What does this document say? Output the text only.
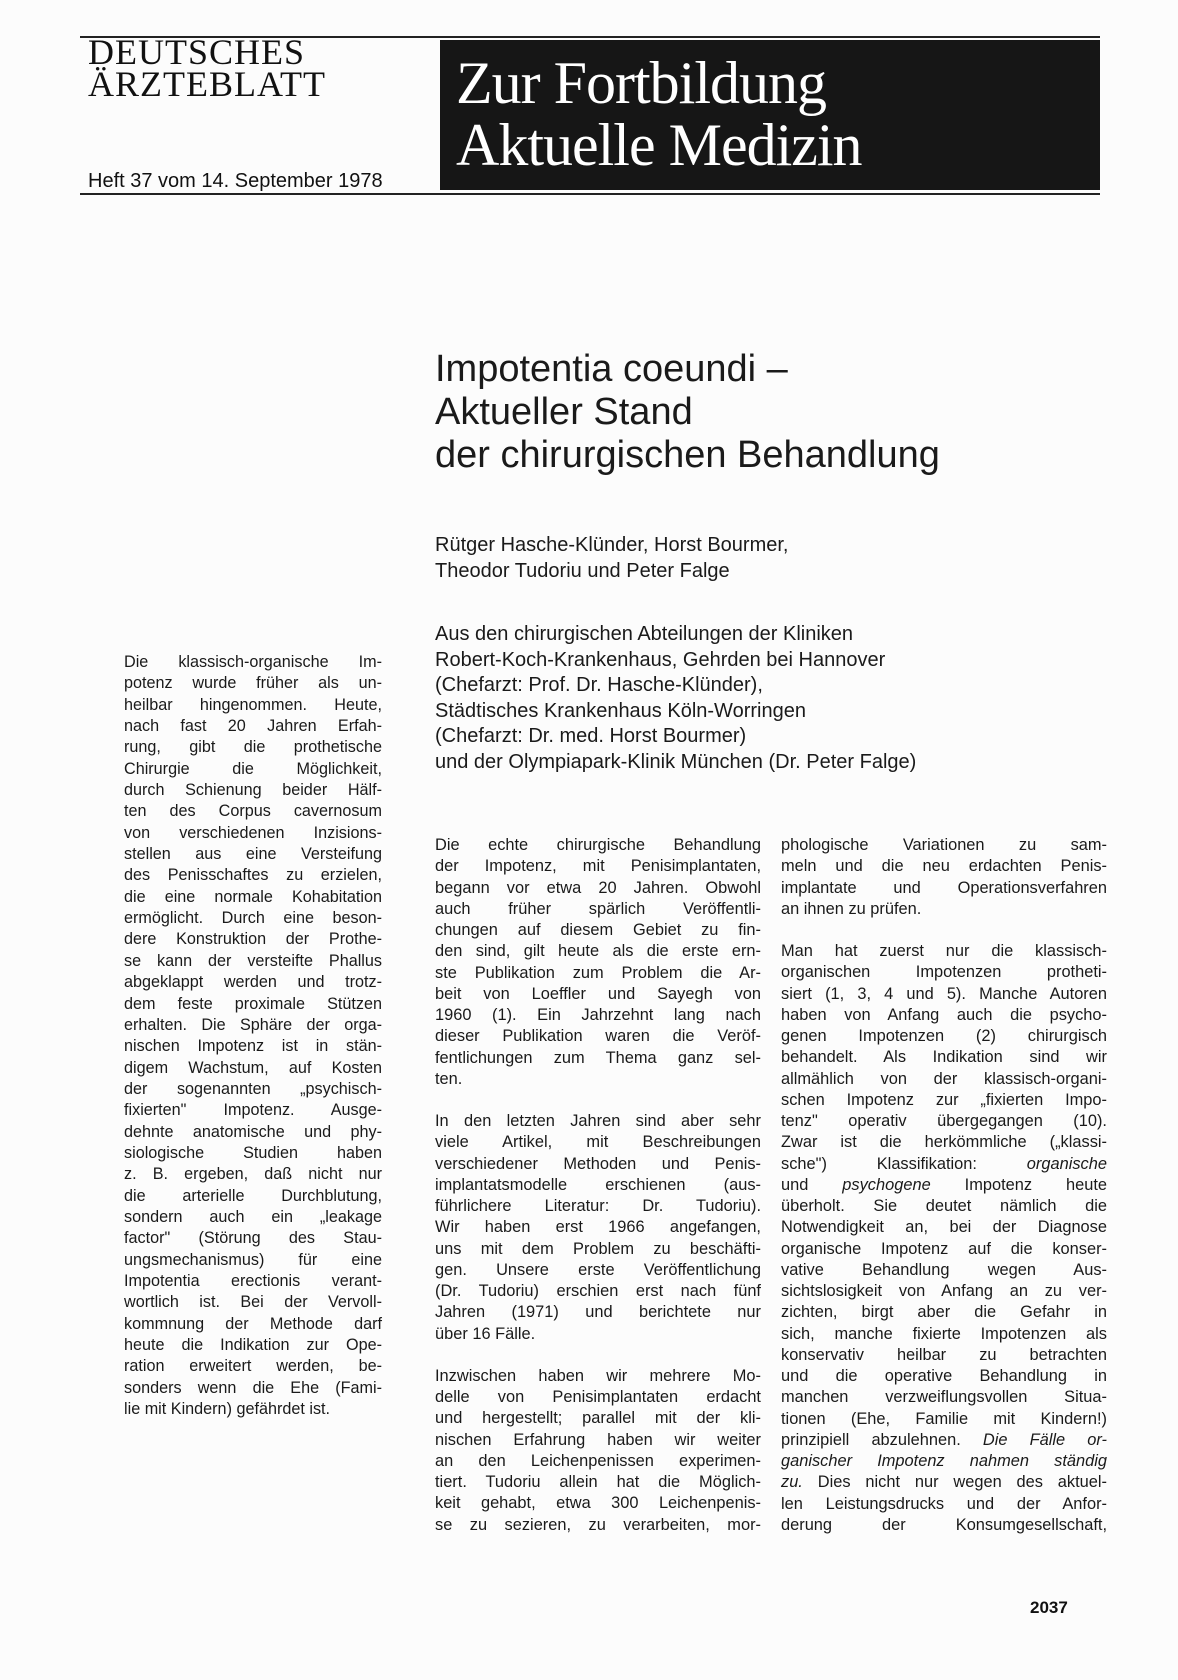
DEUTSCHES
ÄRZTEBLATT
Heft 37 vom 14. September 1978
Zur Fortbildung
Aktuelle Medizin
Impotentia coeundi –
Aktueller Stand
der chirurgischen Behandlung
Rütger Hasche-Klünder, Horst Bourmer,
Theodor Tudoriu und Peter Falge
Aus den chirurgischen Abteilungen der Kliniken
Robert-Koch-Krankenhaus, Gehrden bei Hannover
(Chefarzt: Prof. Dr. Hasche-Klünder),
Städtisches Krankenhaus Köln-Worringen
(Chefarzt: Dr. med. Horst Bourmer)
und der Olympiapark-Klinik München (Dr. Peter Falge)
Die klassisch-organische Im-
potenz wurde früher als un-
heilbar hingenommen. Heute,
nach fast 20 Jahren Erfah-
rung, gibt die prothetische
Chirurgie die Möglichkeit,
durch Schienung beider Hälf-
ten des Corpus cavernosum
von verschiedenen Inzisions-
stellen aus eine Versteifung
des Penisschaftes zu erzielen,
die eine normale Kohabitation
ermöglicht. Durch eine beson-
dere Konstruktion der Prothe-
se kann der versteifte Phallus
abgeklappt werden und trotz-
dem feste proximale Stützen
erhalten. Die Sphäre der orga-
nischen Impotenz ist in stän-
digem Wachstum, auf Kosten
der sogenannten „psychisch-
fixierten" Impotenz. Ausge-
dehnte anatomische und phy-
siologische Studien haben
z. B. ergeben, daß nicht nur
die arterielle Durchblutung,
sondern auch ein „leakage
factor" (Störung des Stau-
ungsmechanismus) für eine
Impotentia erectionis verant-
wortlich ist. Bei der Vervoll-
kommnung der Methode darf
heute die Indikation zur Ope-
ration erweitert werden, be-
sonders wenn die Ehe (Fami-
lie mit Kindern) gefährdet ist.
Die echte chirurgische Behandlung
der Impotenz, mit Penisimplantaten,
begann vor etwa 20 Jahren. Obwohl
auch früher spärlich Veröffentli-
chungen auf diesem Gebiet zu fin-
den sind, gilt heute als die erste ern-
ste Publikation zum Problem die Ar-
beit von Loeffler und Sayegh von
1960 (1). Ein Jahrzehnt lang nach
dieser Publikation waren die Veröf-
fentlichungen zum Thema ganz sel-
ten.
In den letzten Jahren sind aber sehr
viele Artikel, mit Beschreibungen
verschiedener Methoden und Penis-
implantatsmodelle erschienen (aus-
führlichere Literatur: Dr. Tudoriu).
Wir haben erst 1966 angefangen,
uns mit dem Problem zu beschäfti-
gen. Unsere erste Veröffentlichung
(Dr. Tudoriu) erschien erst nach fünf
Jahren (1971) und berichtete nur
über 16 Fälle.
Inzwischen haben wir mehrere Mo-
delle von Penisimplantaten erdacht
und hergestellt; parallel mit der kli-
nischen Erfahrung haben wir weiter
an den Leichenpenissen experimen-
tiert. Tudoriu allein hat die Möglich-
keit gehabt, etwa 300 Leichenpenis-
se zu sezieren, zu verarbeiten, mor-
phologische Variationen zu sam-
meln und die neu erdachten Penis-
implantate und Operationsverfahren
an ihnen zu prüfen.
Man hat zuerst nur die klassisch-
organischen Impotenzen protheti-
siert (1, 3, 4 und 5). Manche Autoren
haben von Anfang auch die psycho-
genen Impotenzen (2) chirurgisch
behandelt. Als Indikation sind wir
allmählich von der klassisch-organi-
schen Impotenz zur „fixierten Impo-
tenz" operativ übergegangen (10).
Zwar ist die herkömmliche („klassi-
sche") Klassifikation:	organische
und psychogene Impotenz heute
überholt. Sie deutet nämlich die
Notwendigkeit an, bei der Diagnose
organische Impotenz auf die konser-
vative Behandlung wegen Aus-
sichtslosigkeit von Anfang an zu ver-
zichten, birgt aber die Gefahr in
sich, manche fixierte Impotenzen als
konservativ heilbar zu betrachten
und die operative Behandlung in
manchen verzweiflungsvollen Situa-
tionen (Ehe, Familie mit Kindern!)
prinzipiell abzulehnen. Die Fälle or-
ganischer Impotenz nahmen ständig
zu. Dies nicht nur wegen des aktuel-
len Leistungsdrucks und der Anfor-
derung der Konsumgesellschaft,
2037
